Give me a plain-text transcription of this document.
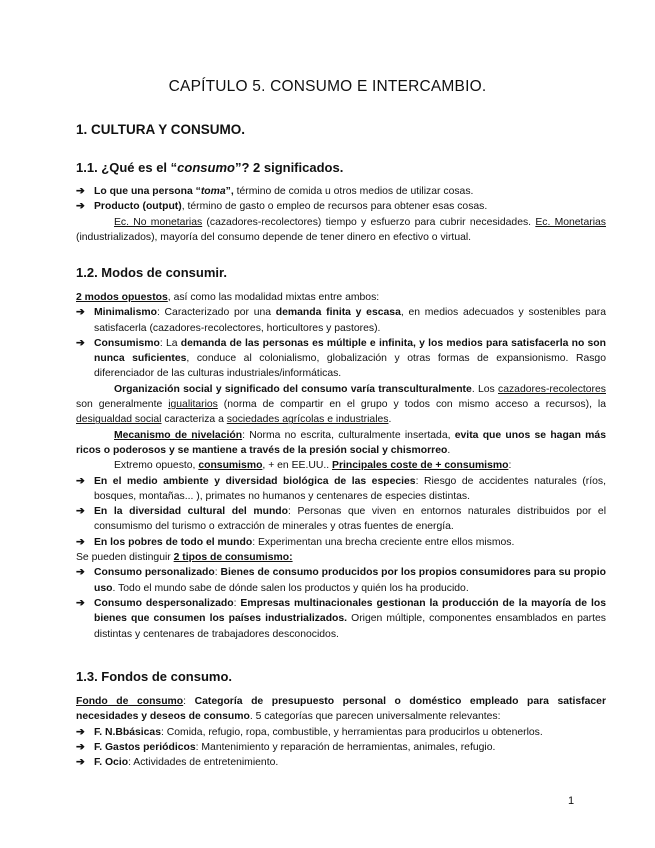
CAPÍTULO 5. CONSUMO E INTERCAMBIO.
1. CULTURA Y CONSUMO.
1.1. ¿Qué es el “consumo”? 2 significados.
➔ Lo que una persona “toma”, término de comida u otros medios de utilizar cosas.
➔ Producto (output), término de gasto o empleo de recursos para obtener esas cosas.

Ec. No monetarias (cazadores-recolectores) tiempo y esfuerzo para cubrir necesidades. Ec. Monetarias (industrializados), mayoría del consumo depende de tener dinero en efectivo o virtual.

1.2. Modos de consumir.

2 modos opuestos, así como las modalidad mixtas entre ambos:

➔ Minimalismo: Caracterizado por una demanda finita y escasa, en medios adecuados y sostenibles para satisfacerla (cazadores-recolectores, horticultores y pastores).
➔ Consumismo: La demanda de las personas es múltiple e infinita, y los medios para satisfacerla no son nunca suficientes, conduce al colonialismo, globalización y otras formas de expansionismo. Rasgo diferenciador de las culturas industriales/informáticas.

Organización social y significado del consumo varía transculturalmente. Los cazadores-recolectores son generalmente igualitarios (norma de compartir en el grupo y todos con mismo acceso a recursos), la desigualdad social caracteriza a sociedades agrícolas e industriales.

Mecanismo de nivelación: Norma no escrita, culturalmente insertada, evita que unos se hagan más ricos o poderosos y se mantiene a través de la presión social y chismorreo.

Extremo opuesto, consumismo, + en EE.UU.. Principales coste de + consumismo:

➔ En el medio ambiente y diversidad biológica de las especies: Riesgo de accidentes naturales (ríos, bosques, montañas... ), primates no humanos y centenares de especies distintas.
➔ En la diversidad cultural del mundo: Personas que viven en entornos naturales distribuidos por el consumismo del turismo o extracción de minerales y otras fuentes de energía.
➔ En los pobres de todo el mundo: Experimentan una brecha creciente entre ellos mismos.

Se pueden distinguir 2 tipos de consumismo:

➔ Consumo personalizado: Bienes de consumo producidos por los propios consumidores para su propio uso. Todo el mundo sabe de dónde salen los productos y quién los ha producido.
➔ Consumo despersonalizado: Empresas multinacionales gestionan la producción de la mayoría de los bienes que consumen los países industrializados. Origen múltiple, componentes ensamblados en partes distintas y centenares de trabajadores desconocidos.
1.3. Fondos de consumo.

Fondo de consumo: Categoría de presupuesto personal o doméstico empleado para satisfacer necesidades y deseos de consumo. 5 categorías que parecen universalmente relevantes:

➔ F. N.Bbásicas: Comida, refugio, ropa, combustible, y herramientas para producirlos u obtenerlos.
➔ F. Gastos periódicos: Mantenimiento y reparación de herramientas, animales, refugio.
➔ F. Ocio: Actividades de entretenimiento.
1
